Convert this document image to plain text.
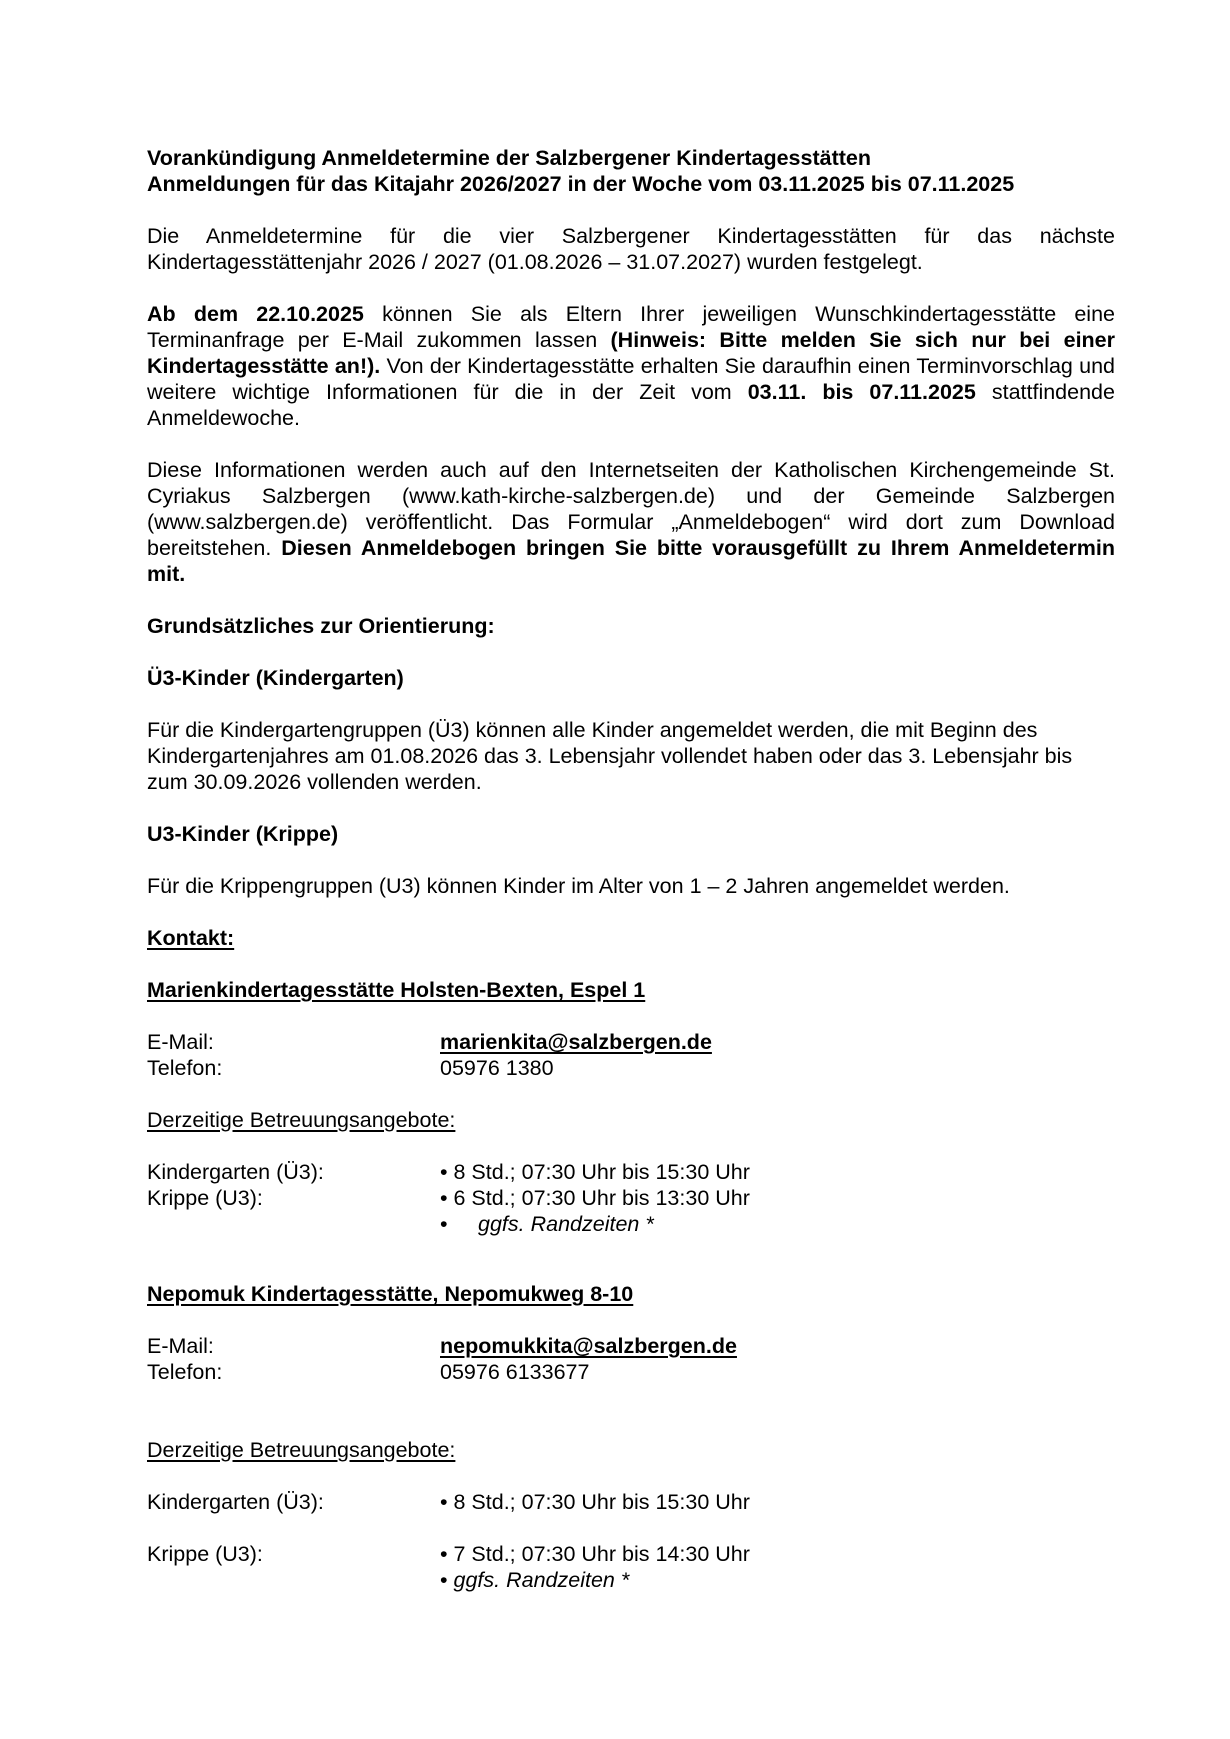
Vorankündigung Anmeldetermine der Salzbergener Kindertagesstätten

Anmeldungen für das Kitajahr 2026/2027 in der Woche vom 03.11.2025 bis 07.11.2025

Die Anmeldetermine für die vier Salzbergener Kindertagesstätten für das nächste Kindertagesstättenjahr 2026 / 2027 (01.08.2026 – 31.07.2027) wurden festgelegt.

Ab dem 22.10.2025 können Sie als Eltern Ihrer jeweiligen Wunschkindertagesstätte eine Terminanfrage per E-Mail zukommen lassen (Hinweis: Bitte melden Sie sich nur bei einer Kindertagesstätte an!). Von der Kindertagesstätte erhalten Sie daraufhin einen Terminvorschlag und weitere wichtige Informationen für die in der Zeit vom 03.11. bis 07.11.2025 stattfindende Anmeldewoche.

Diese Informationen werden auch auf den Internetseiten der Katholischen Kirchengemeinde St. Cyriakus Salzbergen (www.kath-kirche-salzbergen.de) und der Gemeinde Salzbergen (www.salzbergen.de) veröffentlicht. Das Formular „Anmeldebogen“ wird dort zum Download bereitstehen. Diesen Anmeldebogen bringen Sie bitte vorausgefüllt zu Ihrem Anmeldetermin mit.

Grundsätzliches zur Orientierung:

Ü3-Kinder (Kindergarten)

Für die Kindergartengruppen (Ü3) können alle Kinder angemeldet werden, die mit Beginn des Kindergartenjahres am 01.08.2026 das 3. Lebensjahr vollendet haben oder das 3. Lebensjahr bis zum 30.09.2026 vollenden werden.

U3-Kinder (Krippe)

Für die Krippengruppen (U3) können Kinder im Alter von 1 – 2 Jahren angemeldet werden.

Kontakt:

Marienkindertagesstätte Holsten-Bexten, Espel 1

E-Mail:	marienkita@salzbergen.de
Telefon:	05976 1380

Derzeitige Betreuungsangebote:

Kindergarten (Ü3):	• 8 Std.; 07:30 Uhr bis 15:30 Uhr
Krippe (U3):	• 6 Std.; 07:30 Uhr bis 13:30 Uhr
•	ggfs. Randzeiten *

Nepomuk Kindertagesstätte, Nepomukweg 8-10

E-Mail:	nepomukkita@salzbergen.de
Telefon:	05976 6133677

Derzeitige Betreuungsangebote:

Kindergarten (Ü3):	• 8 Std.; 07:30 Uhr bis 15:30 Uhr
Krippe (U3):	• 7 Std.; 07:30 Uhr bis 14:30 Uhr
• ggfs. Randzeiten *
